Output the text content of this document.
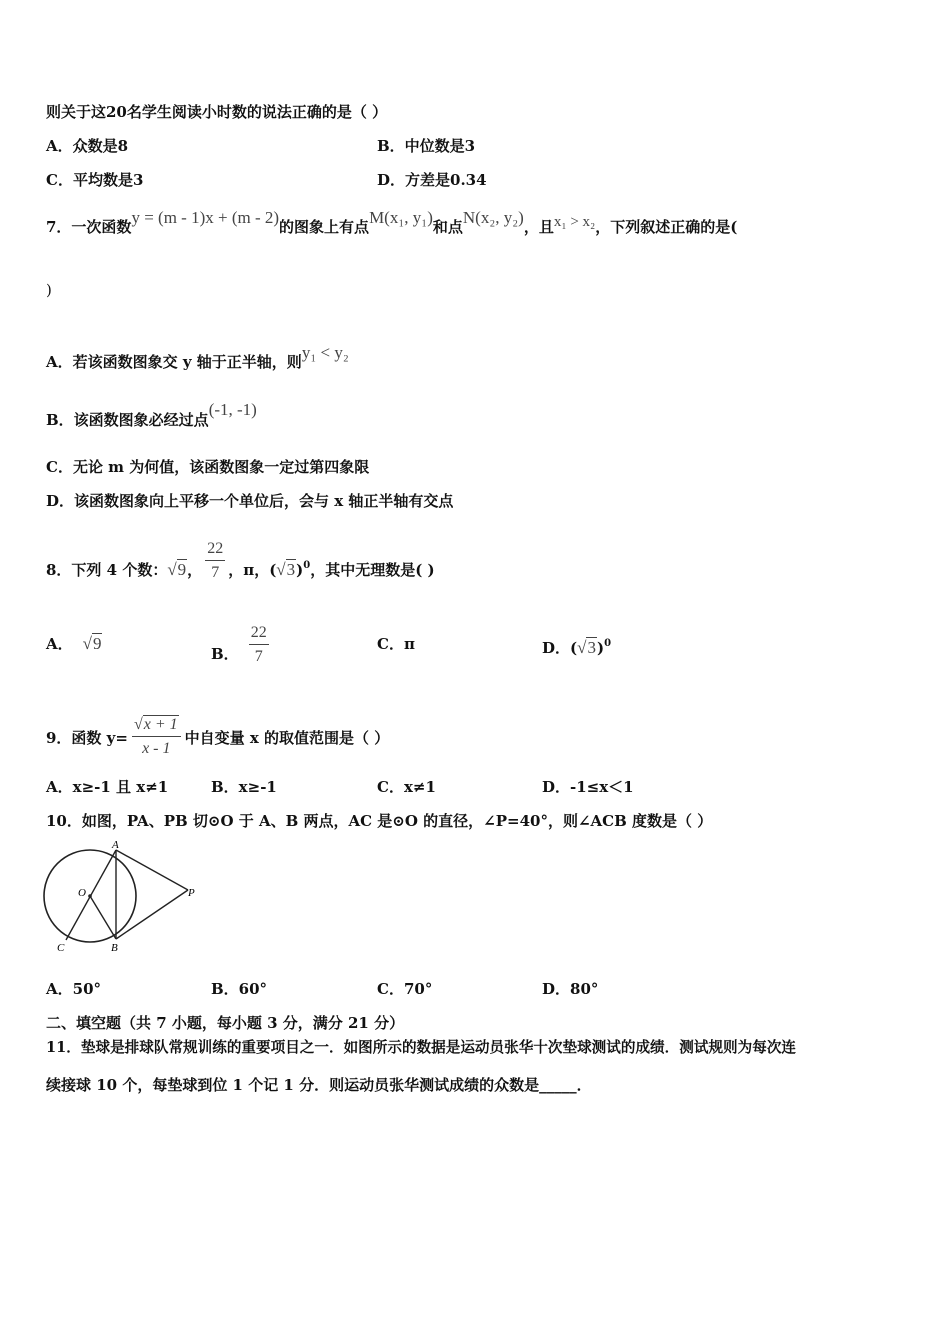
则关于这20名学生阅读小时数的说法正确的是（ ）
A．众数是8	B．中位数是3
C．平均数是3	D．方差是0.34
7．一次函数y = (m - 1)x + (m - 2)的图象上有点M(x₁, y₁)和点N(x₂, y₂)，且x₁ > x₂，下列叙述正确的是(
)
A．若该函数图象交 y 轴于正半轴，则y₁ < y₂
B．该函数图象必经过点(-1, -1)
C．无论 m 为何值，该函数图象一定过第四象限
D．该函数图象向上平移一个单位后，会与 x 轴正半轴有交点
8．下列 4 个数：√9， $\frac{22}{7}$ ，π，$(√3)^0$，其中无理数是( )
A． √9
B． $\frac{22}{7}$	C．π	D．$(√3)^0$
9．函数 $y= \frac{√x + 1}{x - 1}$ 中自变量 x 的取值范围是（ ）
A．x≥-1 且 x≠1	B．x≥-1	C．x≠1	D．-1≤x＜1
10．如图，PA、PB 切⊙O 于 A、B 两点，AC 是⊙O 的直径，∠P=40°，则∠ACB 度数是（ ）
A
O	P
C	B
A．50°	B．60°	C．70°	D．80°
二、填空题（共 7 小题，每小题 3 分，满分 21 分）
11．垫球是排球队常规训练的重要项目之一．如图所示的数据是运动员张华十次垫球测试的成绩．测试规则为每次连
续接球 10 个，每垫球到位 1 个记 1 分．则运动员张华测试成绩的众数是_____．
